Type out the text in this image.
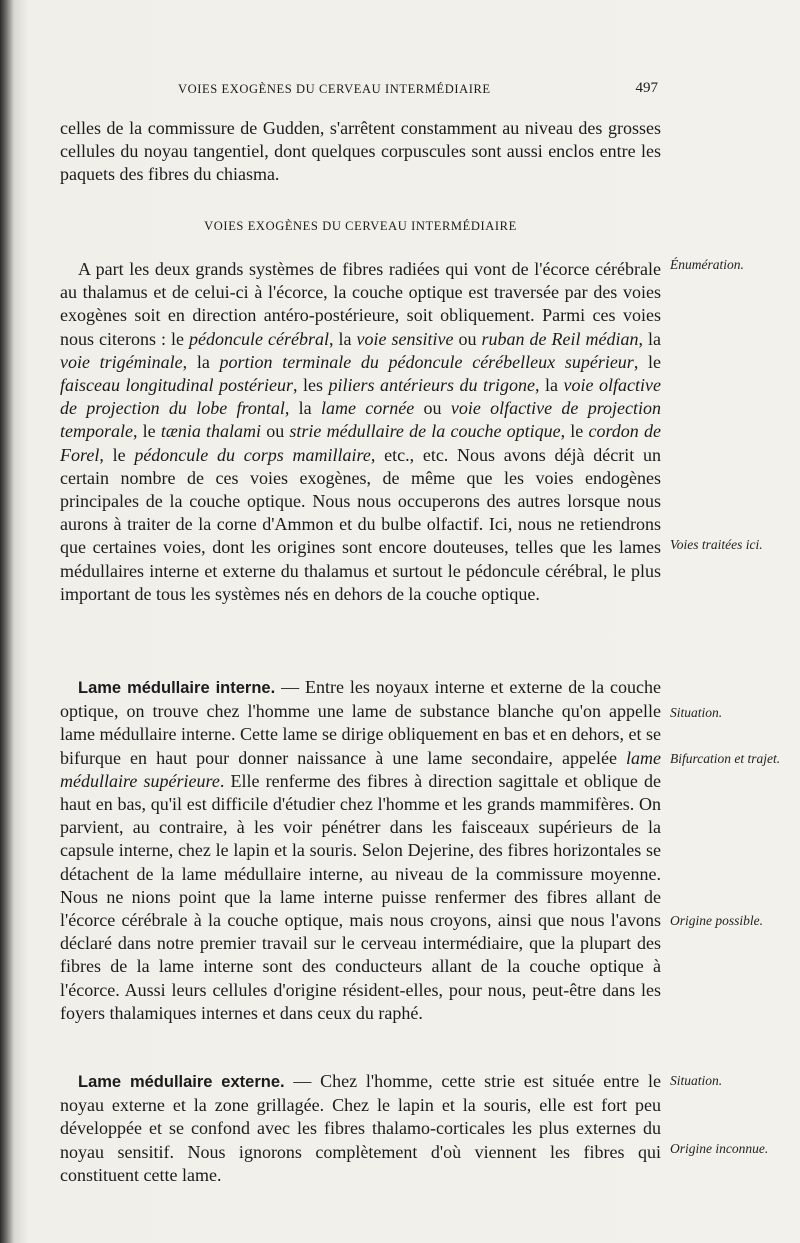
VOIES EXOGÈNES DU CERVEAU INTERMÉDIAIRE	497

celles de la commissure de Gudden, s'arrêtent constamment au niveau des grosses cellules du noyau tangentiel, dont quelques corpuscules sont aussi enclos entre les paquets des fibres du chiasma.

VOIES EXOGÈNES DU CERVEAU INTERMÉDIAIRE

A part les deux grands systèmes de fibres radiées qui vont de l'écorce cérébrale au thalamus et de celui-ci à l'écorce, la couche optique est traversée par des voies exogènes soit en direction antéro-postérieure, soit obliquement. Parmi ces voies nous citerons : le pédoncule cérébral, la voie sensitive ou ruban de Reil médian, la voie trigéminale, la portion terminale du pédoncule cérébelleux supérieur, le faisceau longitudinal postérieur, les piliers antérieurs du trigone, la voie olfactive de projection du lobe frontal, la lame cornée ou voie olfactive de projection temporale, le tænia thalami ou strie médullaire de la couche optique, le cordon de Forel, le pédoncule du corps mamillaire, etc., etc. Nous avons déjà décrit un certain nombre de ces voies exogènes, de même que les voies endogènes principales de la couche optique. Nous nous occuperons des autres lorsque nous aurons à traiter de la corne d'Ammon et du bulbe olfactif. Ici, nous ne retiendrons que certaines voies, dont les origines sont encore douteuses, telles que les lames médullaires interne et externe du thalamus et surtout le pédoncule cérébral, le plus important de tous les systèmes nés en dehors de la couche optique.

Lame médullaire interne. — Entre les noyaux interne et externe de la couche optique, on trouve chez l'homme une lame de substance blanche qu'on appelle lame médullaire interne. Cette lame se dirige obliquement en bas et en dehors, et se bifurque en haut pour donner naissance à une lame secondaire, appelée lame médullaire supérieure. Elle renferme des fibres à direction sagittale et oblique de haut en bas, qu'il est difficile d'étudier chez l'homme et les grands mammifères. On parvient, au contraire, à les voir pénétrer dans les faisceaux supérieurs de la capsule interne, chez le lapin et la souris. Selon Dejerine, des fibres horizontales se détachent de la lame médullaire interne, au niveau de la commissure moyenne. Nous ne nions point que la lame interne puisse renfermer des fibres allant de l'écorce cérébrale à la couche optique, mais nous croyons, ainsi que nous l'avons déclaré dans notre premier travail sur le cerveau intermédiaire, que la plupart des fibres de la lame interne sont des conducteurs allant de la couche optique à l'écorce. Aussi leurs cellules d'origine résident-elles, pour nous, peut-être dans les foyers thalamiques internes et dans ceux du raphé.

Lame médullaire externe. — Chez l'homme, cette strie est située entre le noyau externe et la zone grillagée. Chez le lapin et la souris, elle est fort peu développée et se confond avec les fibres thalamo-corticales les plus externes du noyau sensitif. Nous ignorons complètement d'où viennent les fibres qui constituent cette lame.

Énumération.
Voies traitées ici.
Situation.
Bifurcation et trajet.
Origine possible.
Situation.
Origine inconnue.
